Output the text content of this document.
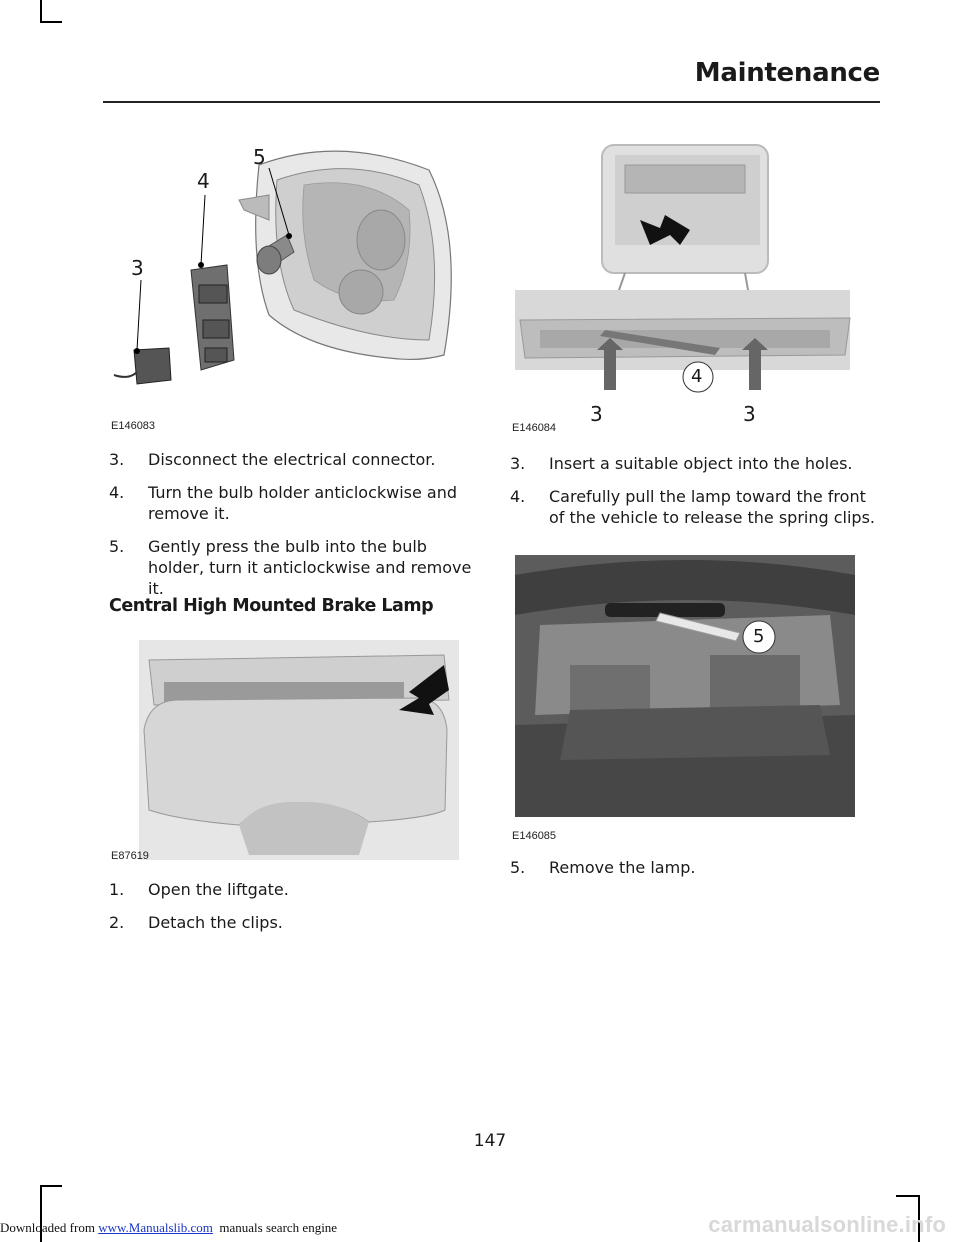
Maintenance
5
4
3
E146083
3. Disconnect the electrical connector.
4. Turn the bulb holder anticlockwise and remove it.
5. Gently press the bulb into the bulb holder, turn it anticlockwise and remove it.
Central High Mounted Brake Lamp
E87619
1. Open the liftgate.
2. Detach the clips.
4
3	3
E146084
3. Insert a suitable object into the holes.
4. Carefully pull the lamp toward the front of the vehicle to release the spring clips.
5
E146085
5. Remove the lamp.
147
Downloaded from www.Manualslib.com  manuals search engine	carmanualsonline.info
